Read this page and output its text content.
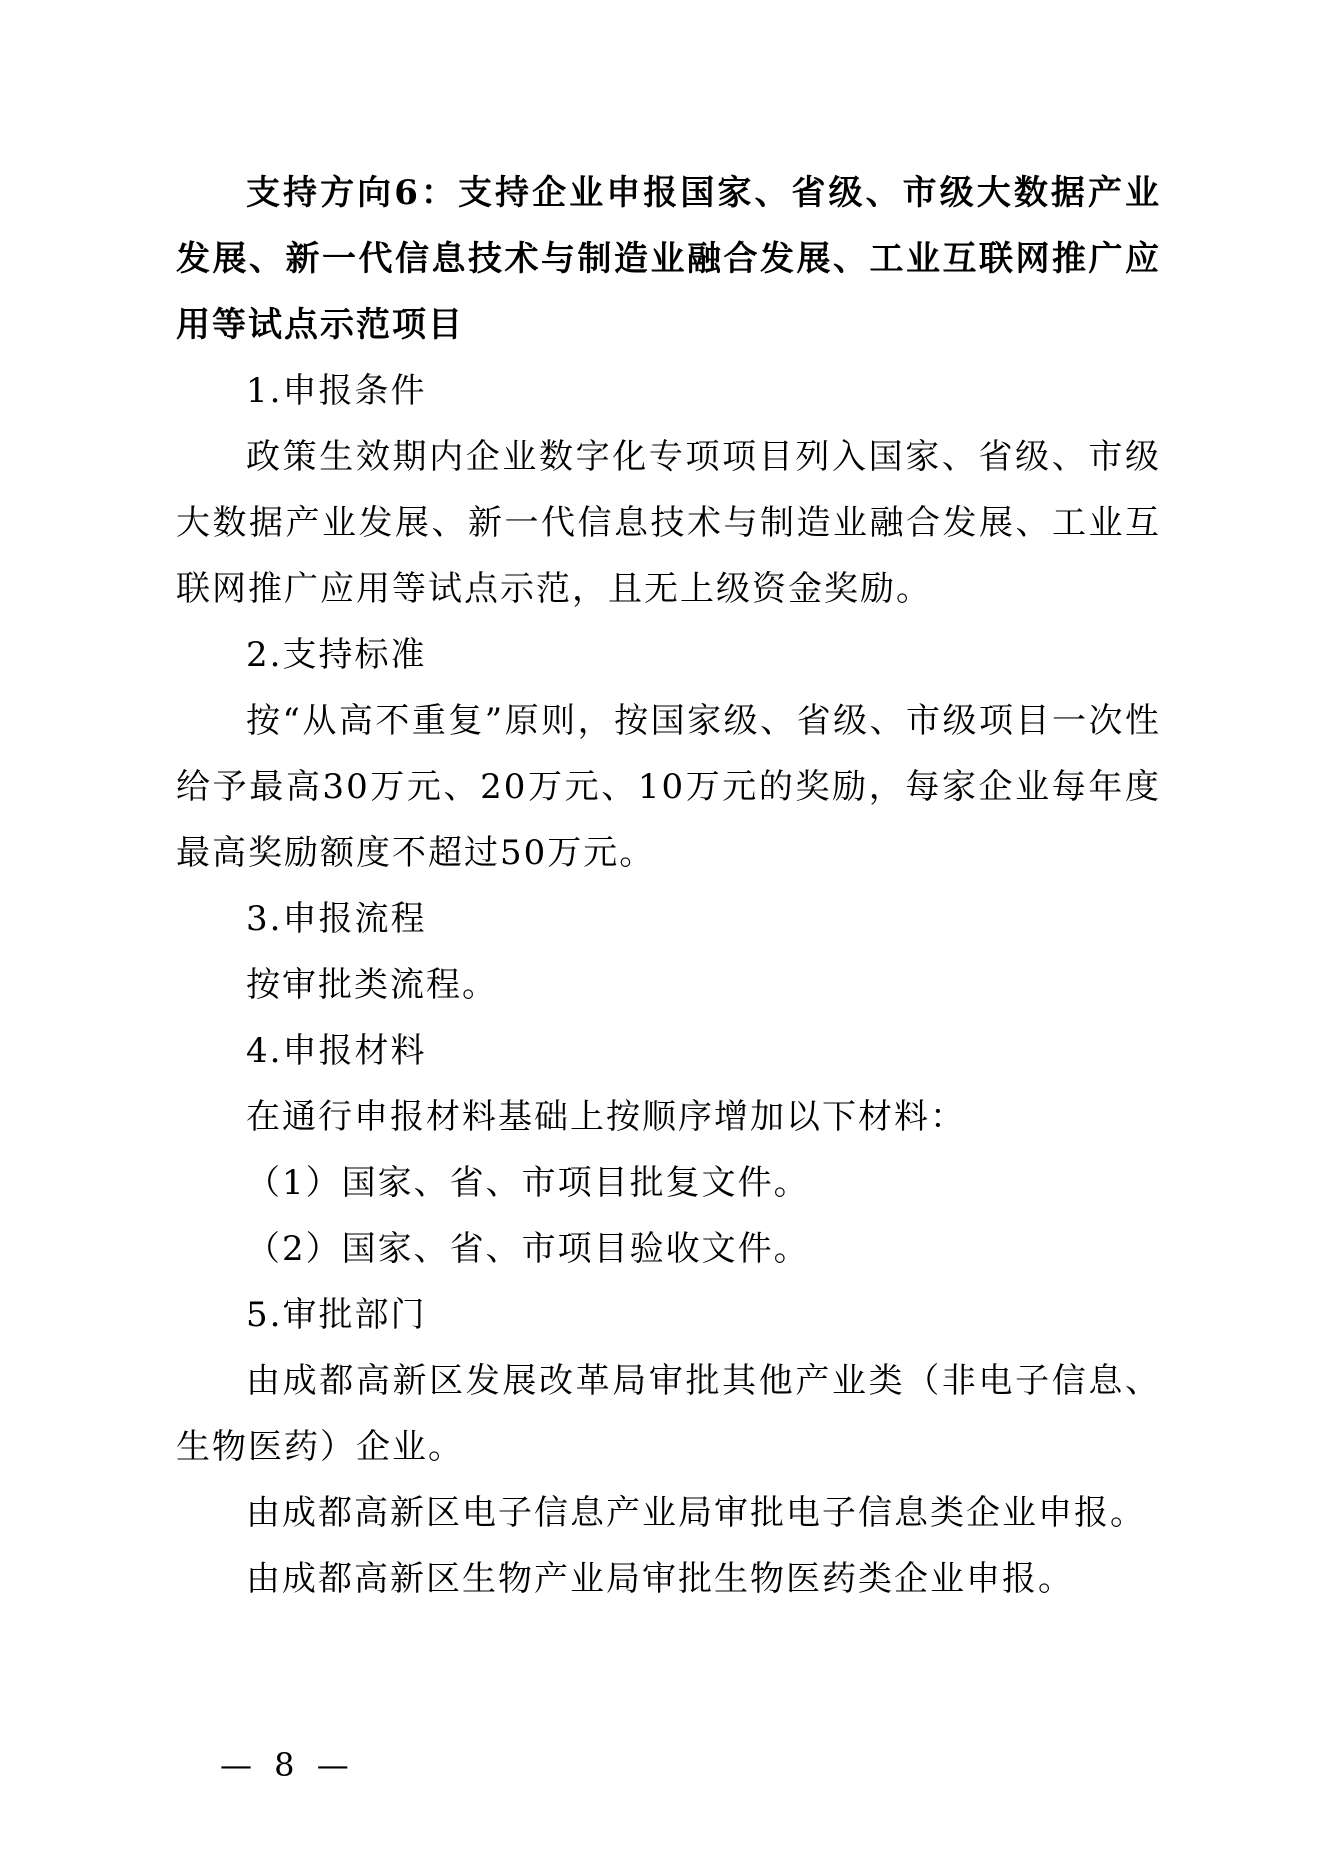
支持方向6：支持企业申报国家、省级、市级大数据产业发展、新一代信息技术与制造业融合发展、工业互联网推广应用等试点示范项目
1.申报条件
政策生效期内企业数字化专项项目列入国家、省级、市级大数据产业发展、新一代信息技术与制造业融合发展、工业互联网推广应用等试点示范，且无上级资金奖励。
2.支持标准
按“从高不重复”原则，按国家级、省级、市级项目一次性给予最高30万元、20万元、10万元的奖励，每家企业每年度最高奖励额度不超过50万元。
3.申报流程
按审批类流程。
4.申报材料
在通行申报材料基础上按顺序增加以下材料：
（1）国家、省、市项目批复文件。
（2）国家、省、市项目验收文件。
5.审批部门
由成都高新区发展改革局审批其他产业类（非电子信息、生物医药）企业。
由成都高新区电子信息产业局审批电子信息类企业申报。
由成都高新区生物产业局审批生物医药类企业申报。
— 8 —
